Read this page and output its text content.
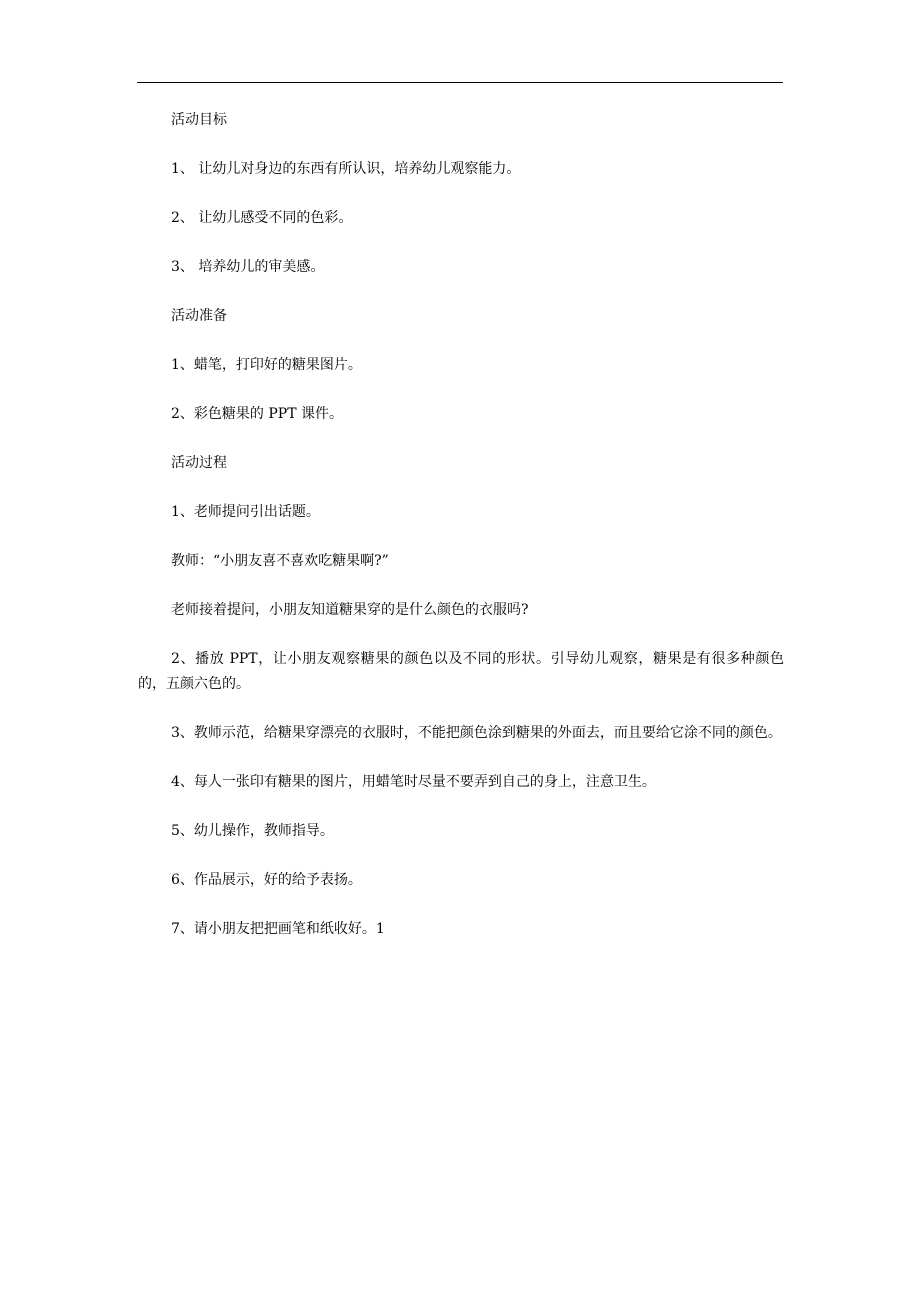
活动目标

1、 让幼儿对身边的东西有所认识，培养幼儿观察能力。

2、 让幼儿感受不同的色彩。

3、 培养幼儿的审美感。

活动准备

1、蜡笔，打印好的糖果图片。

2、彩色糖果的 PPT 课件。

活动过程

1、老师提问引出话题。

教师：“小朋友喜不喜欢吃糖果啊?”

老师接着提问，小朋友知道糖果穿的是什么颜色的衣服吗?

2、播放 PPT，让小朋友观察糖果的颜色以及不同的形状。引导幼儿观察，糖果是有很多种颜色的，五颜六色的。

3、教师示范，给糖果穿漂亮的衣服时，不能把颜色涂到糖果的外面去，而且要给它涂不同的颜色。

4、每人一张印有糖果的图片，用蜡笔时尽量不要弄到自己的身上，注意卫生。

5、幼儿操作，教师指导。

6、作品展示，好的给予表扬。

7、请小朋友把把画笔和纸收好。1
